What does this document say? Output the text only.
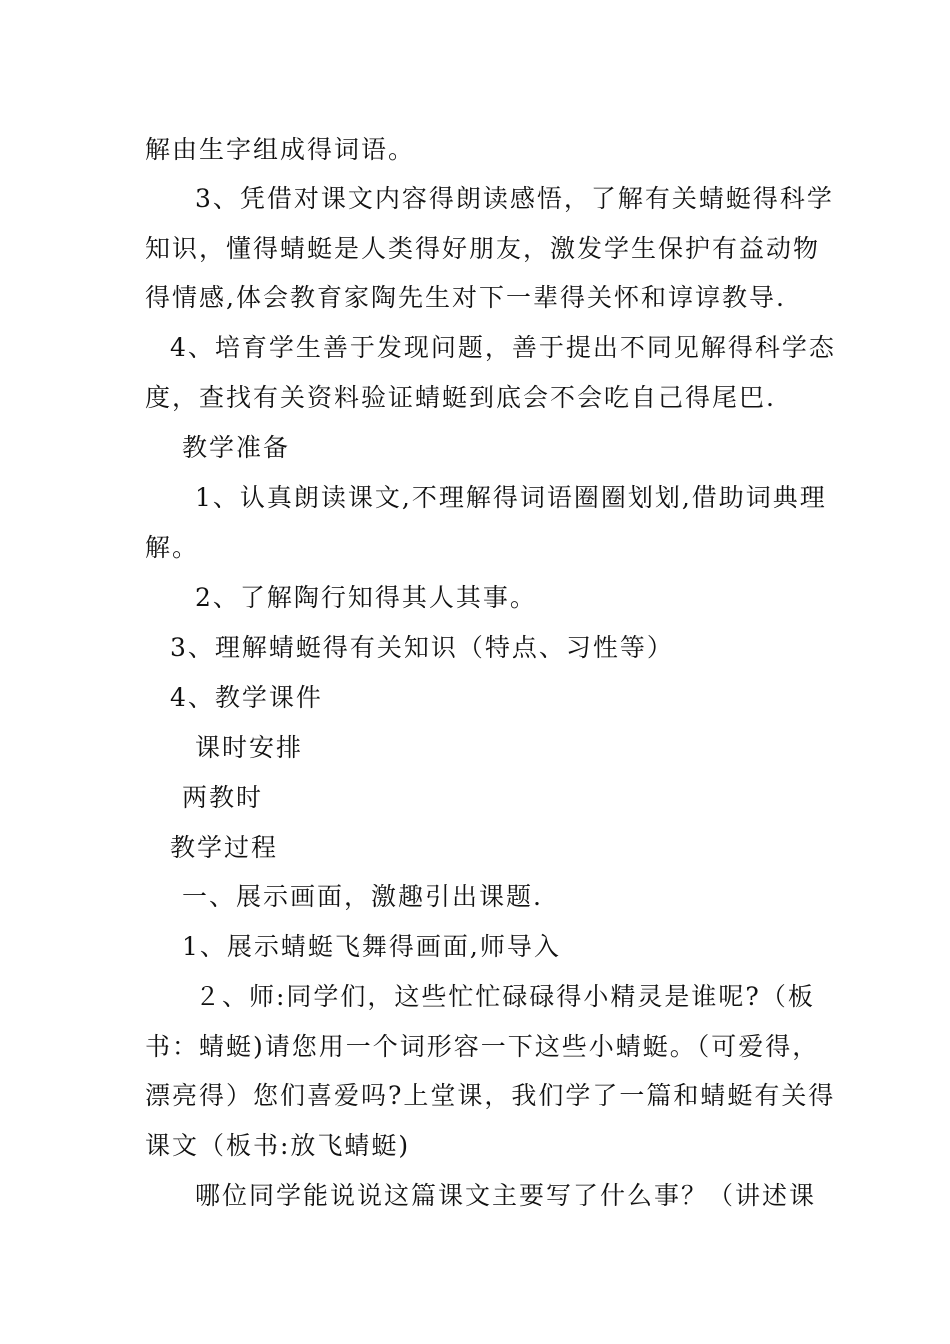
解由生字组成得词语。
3、凭借对课文内容得朗读感悟，了解有关蜻蜓得科学
知识，懂得蜻蜓是人类得好朋友，激发学生保护有益动物
得情感,体会教育家陶先生对下一辈得关怀和谆谆教导.
4、培育学生善于发现问题，善于提出不同见解得科学态
度，查找有关资料验证蜻蜓到底会不会吃自己得尾巴.
教学准备
1、认真朗读课文,不理解得词语圈圈划划,借助词典理
解。
2、了解陶行知得其人其事。
3、理解蜻蜓得有关知识（特点、习性等）
4、教学课件
课时安排
两教时
教学过程
一、展示画面，激趣引出课题.
1、展示蜻蜓飞舞得画面,师导入
２、师:同学们，这些忙忙碌碌得小精灵是谁呢?（板
书：蜻蜓)请您用一个词形容一下这些小蜻蜓。（可爱得，
漂亮得）您们喜爱吗?上堂课，我们学了一篇和蜻蜓有关得
课文（板书:放飞蜻蜓)
哪位同学能说说这篇课文主要写了什么事？（讲述课
